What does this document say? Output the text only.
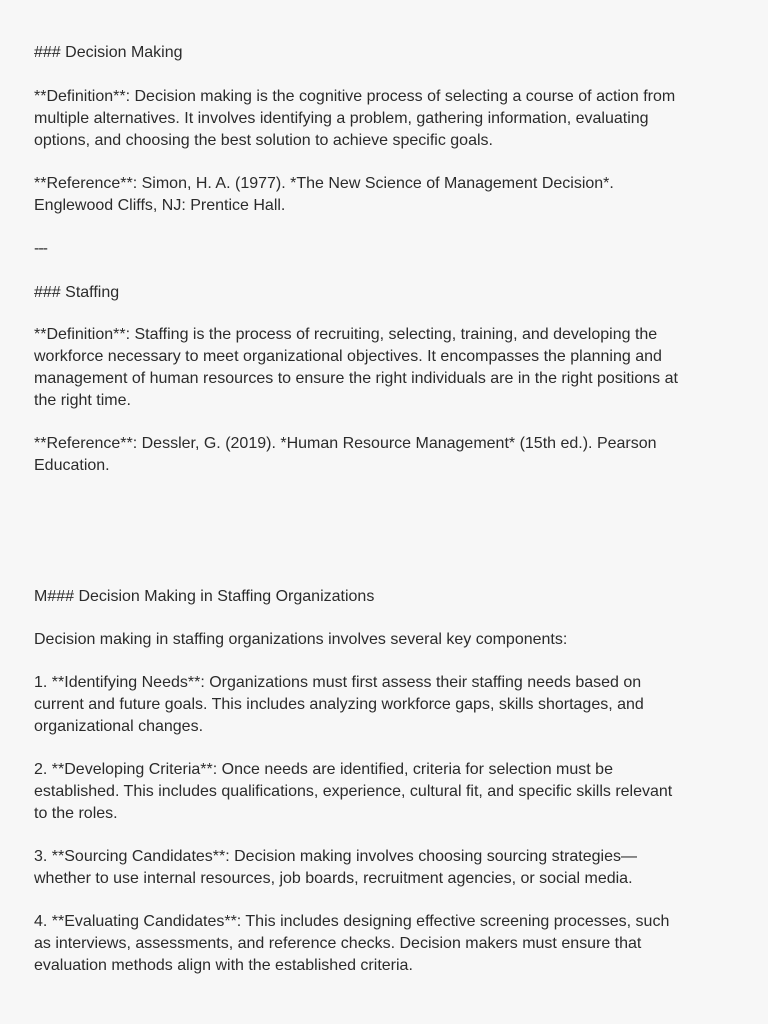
### Decision Making

**Definition**: Decision making is the cognitive process of selecting a course of action from
multiple alternatives. It involves identifying a problem, gathering information, evaluating
options, and choosing the best solution to achieve specific goals.

**Reference**: Simon, H. A. (1977). *The New Science of Management Decision*.
Englewood Cliffs, NJ: Prentice Hall.

---

### Staffing

**Definition**: Staffing is the process of recruiting, selecting, training, and developing the
workforce necessary to meet organizational objectives. It encompasses the planning and
management of human resources to ensure the right individuals are in the right positions at
the right time.

**Reference**: Dessler, G. (2019). *Human Resource Management* (15th ed.). Pearson
Education.

M### Decision Making in Staffing Organizations

Decision making in staffing organizations involves several key components:

1. **Identifying Needs**: Organizations must first assess their staffing needs based on
current and future goals. This includes analyzing workforce gaps, skills shortages, and
organizational changes.

2. **Developing Criteria**: Once needs are identified, criteria for selection must be
established. This includes qualifications, experience, cultural fit, and specific skills relevant
to the roles.

3. **Sourcing Candidates**: Decision making involves choosing sourcing strategies—
whether to use internal resources, job boards, recruitment agencies, or social media.

4. **Evaluating Candidates**: This includes designing effective screening processes, such
as interviews, assessments, and reference checks. Decision makers must ensure that
evaluation methods align with the established criteria.
